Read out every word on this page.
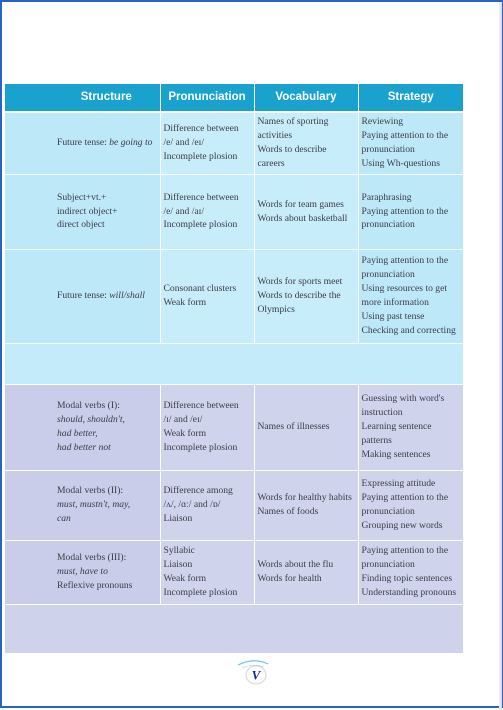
Structure	Pronunciation	Vocabulary	Strategy
Future tense: be going to	Difference between
/e/ and /eɪ/
Incomplete plosion	Names of sporting activities
Words to describe careers	Reviewing
Paying attention to the pronunciation
Using Wh-questions

Subject+vt.+
indirect object+
direct object	Difference between
/e/ and /aɪ/
Incomplete plosion	Words for team games
Words about basketball	Paraphrasing
Paying attention to the pronunciation

Future tense: will/shall	Consonant clusters
Weak form	Words for sports meet
Words to describe the Olympics	Paying attention to the pronunciation
Using resources to get more information
Using past tense
Checking and correcting

Modal verbs (I):
should, shouldn't,
had better,
had better not	Difference between
/ɪ/ and /eɪ/
Weak form
Incomplete plosion	Names of illnesses	Guessing with word's instruction
Learning sentence patterns
Making sentences

Modal verbs (II):
must, mustn't, may,
can	Difference among
/ʌ/, /ɑː/ and /ɒ/
Liaison	Words for healthy habits
Names of foods	Expressing attitude
Paying attention to the pronunciation
Grouping new words

Modal verbs (III):
must, have to
Reflexive pronouns	Syllabic
Liaison
Weak form
Incomplete plosion	Words about the flu
Words for health	Paying attention to the pronunciation
Finding topic sentences
Understanding pronouns

V
